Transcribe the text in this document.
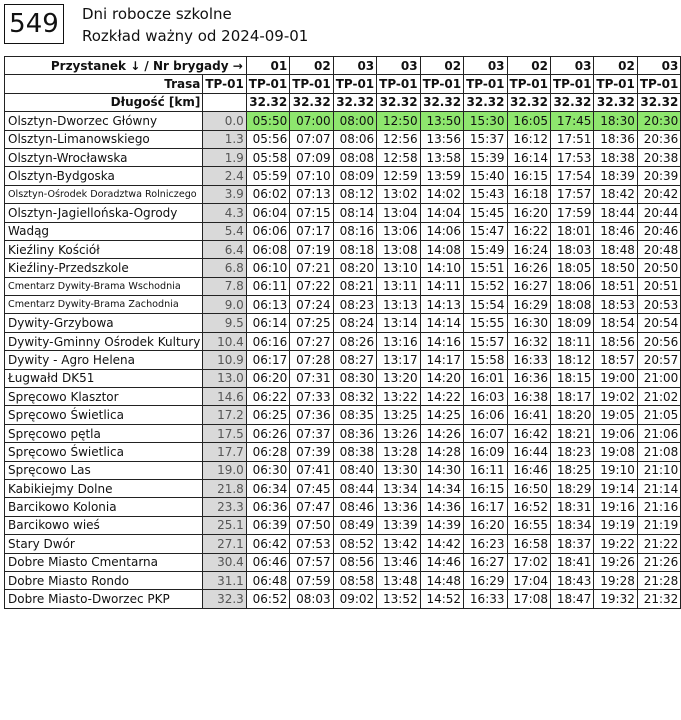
549	Dni robocze szkolne
Rozkład ważny od 2024-09-01
Przystanek ↓ / Nr brygady →		01	02	03	03	02	03	02	03	02	03
Trasa	TP-01	TP-01	TP-01	TP-01	TP-01	TP-01	TP-01	TP-01	TP-01	TP-01	TP-01
Długość [km]		32.32	32.32	32.32	32.32	32.32	32.32	32.32	32.32	32.32	32.32
Olsztyn-Dworzec Główny	0.0	05:50	07:00	08:00	12:50	13:50	15:30	16:05	17:45	18:30	20:30
Olsztyn-Limanowskiego	1.3	05:56	07:07	08:06	12:56	13:56	15:37	16:12	17:51	18:36	20:36
Olsztyn-Wrocławska	1.9	05:58	07:09	08:08	12:58	13:58	15:39	16:14	17:53	18:38	20:38
Olsztyn-Bydgoska	2.4	05:59	07:10	08:09	12:59	13:59	15:40	16:15	17:54	18:39	20:39
Olsztyn-Ośrodek Doradztwa Rolniczego	3.9	06:02	07:13	08:12	13:02	14:02	15:43	16:18	17:57	18:42	20:42
Olsztyn-Jagiellońska-Ogrody	4.3	06:04	07:15	08:14	13:04	14:04	15:45	16:20	17:59	18:44	20:44
Wadąg	5.4	06:06	07:17	08:16	13:06	14:06	15:47	16:22	18:01	18:46	20:46
Kieźliny Kościół	6.4	06:08	07:19	08:18	13:08	14:08	15:49	16:24	18:03	18:48	20:48
Kieźliny-Przedszkole	6.8	06:10	07:21	08:20	13:10	14:10	15:51	16:26	18:05	18:50	20:50
Cmentarz Dywity-Brama Wschodnia	7.8	06:11	07:22	08:21	13:11	14:11	15:52	16:27	18:06	18:51	20:51
Cmentarz Dywity-Brama Zachodnia	9.0	06:13	07:24	08:23	13:13	14:13	15:54	16:29	18:08	18:53	20:53
Dywity-Grzybowa	9.5	06:14	07:25	08:24	13:14	14:14	15:55	16:30	18:09	18:54	20:54
Dywity-Gminny Ośrodek Kultury	10.4	06:16	07:27	08:26	13:16	14:16	15:57	16:32	18:11	18:56	20:56
Dywity - Agro Helena	10.9	06:17	07:28	08:27	13:17	14:17	15:58	16:33	18:12	18:57	20:57
Ługwałd DK51	13.0	06:20	07:31	08:30	13:20	14:20	16:01	16:36	18:15	19:00	21:00
Spręcowo Klasztor	14.6	06:22	07:33	08:32	13:22	14:22	16:03	16:38	18:17	19:02	21:02
Spręcowo Świetlica	17.2	06:25	07:36	08:35	13:25	14:25	16:06	16:41	18:20	19:05	21:05
Spręcowo pętla	17.5	06:26	07:37	08:36	13:26	14:26	16:07	16:42	18:21	19:06	21:06
Spręcowo Świetlica	17.7	06:28	07:39	08:38	13:28	14:28	16:09	16:44	18:23	19:08	21:08
Spręcowo Las	19.0	06:30	07:41	08:40	13:30	14:30	16:11	16:46	18:25	19:10	21:10
Kabikiejmy Dolne	21.8	06:34	07:45	08:44	13:34	14:34	16:15	16:50	18:29	19:14	21:14
Barcikowo Kolonia	23.3	06:36	07:47	08:46	13:36	14:36	16:17	16:52	18:31	19:16	21:16
Barcikowo wieś	25.1	06:39	07:50	08:49	13:39	14:39	16:20	16:55	18:34	19:19	21:19
Stary Dwór	27.1	06:42	07:53	08:52	13:42	14:42	16:23	16:58	18:37	19:22	21:22
Dobre Miasto Cmentarna	30.4	06:46	07:57	08:56	13:46	14:46	16:27	17:02	18:41	19:26	21:26
Dobre Miasto Rondo	31.1	06:48	07:59	08:58	13:48	14:48	16:29	17:04	18:43	19:28	21:28
Dobre Miasto-Dworzec PKP	32.3	06:52	08:03	09:02	13:52	14:52	16:33	17:08	18:47	19:32	21:32
